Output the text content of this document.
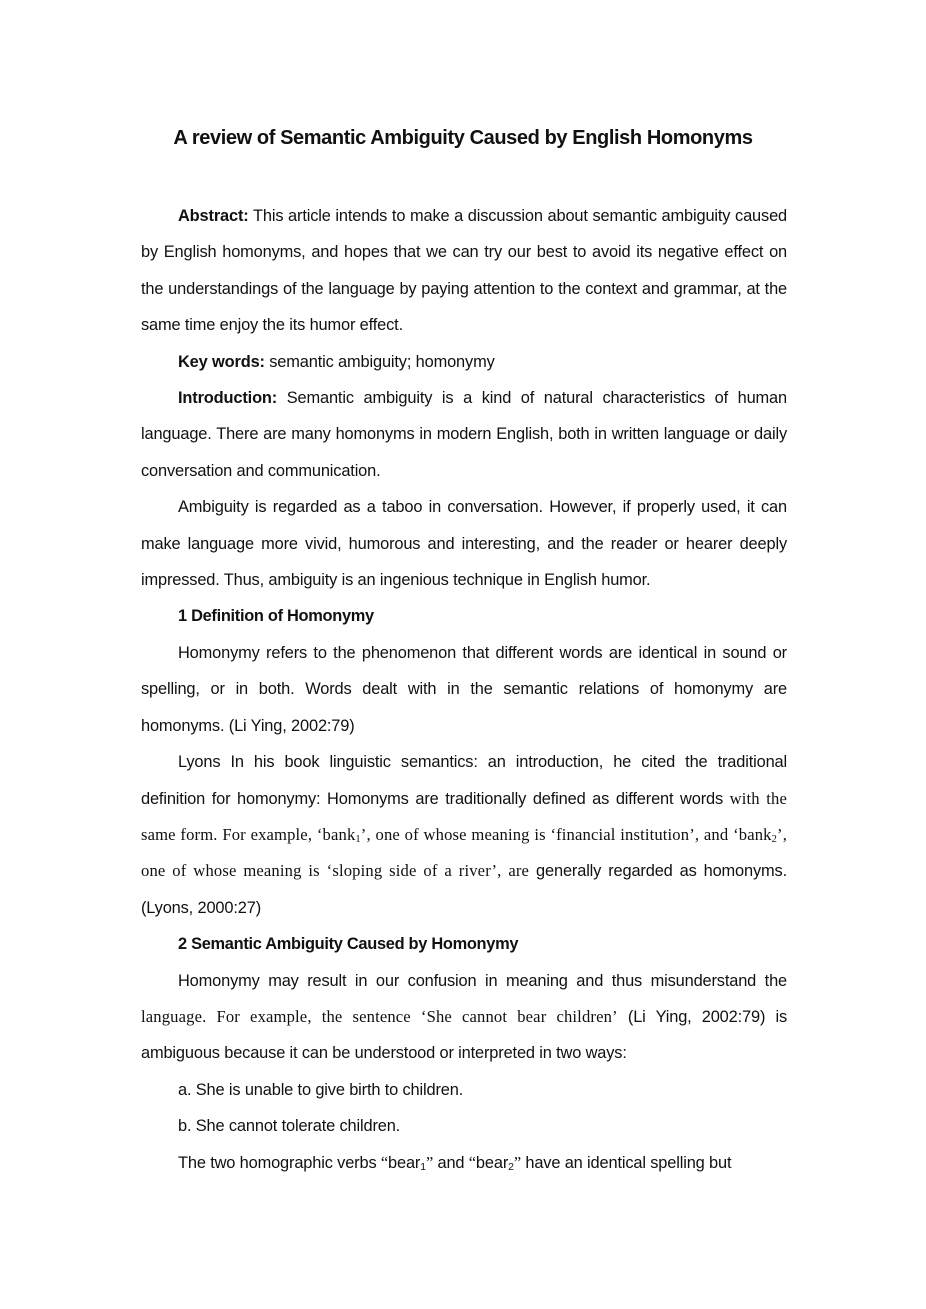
A review of Semantic Ambiguity Caused by English Homonyms

Abstract: This article intends to make a discussion about semantic ambiguity caused by English homonyms, and hopes that we can try our best to avoid its negative effect on the understandings of the language by paying attention to the context and grammar, at the same time enjoy the its humor effect.

Key words: semantic ambiguity; homonymy

Introduction: Semantic ambiguity is a kind of natural characteristics of human language. There are many homonyms in modern English, both in written language or daily conversation and communication.

Ambiguity is regarded as a taboo in conversation. However, if properly used, it can make language more vivid, humorous and interesting, and the reader or hearer deeply impressed. Thus, ambiguity is an ingenious technique in English humor.

1 Definition of Homonymy

Homonymy refers to the phenomenon that different words are identical in sound or spelling, or in both. Words dealt with in the semantic relations of homonymy are homonyms. (Li Ying, 2002:79)

Lyons In his book linguistic semantics: an introduction, he cited the traditional definition for homonymy: Homonyms are traditionally defined as different words with the same form. For example, ‘bank$_1$’, one of whose meaning is ‘financial institution’, and ‘bank$_2$’, one of whose meaning is ‘sloping side of a river’, are generally regarded as homonyms. (Lyons, 2000:27)

2 Semantic Ambiguity Caused by Homonymy

Homonymy may result in our confusion in meaning and thus misunderstand the language. For example, the sentence ‘She cannot bear children’ (Li Ying, 2002:79) is ambiguous because it can be understood or interpreted in two ways:

a. She is unable to give birth to children.

b. She cannot tolerate children.

The two homographic verbs “bear$_1$” and “bear$_2$” have an identical spelling but
